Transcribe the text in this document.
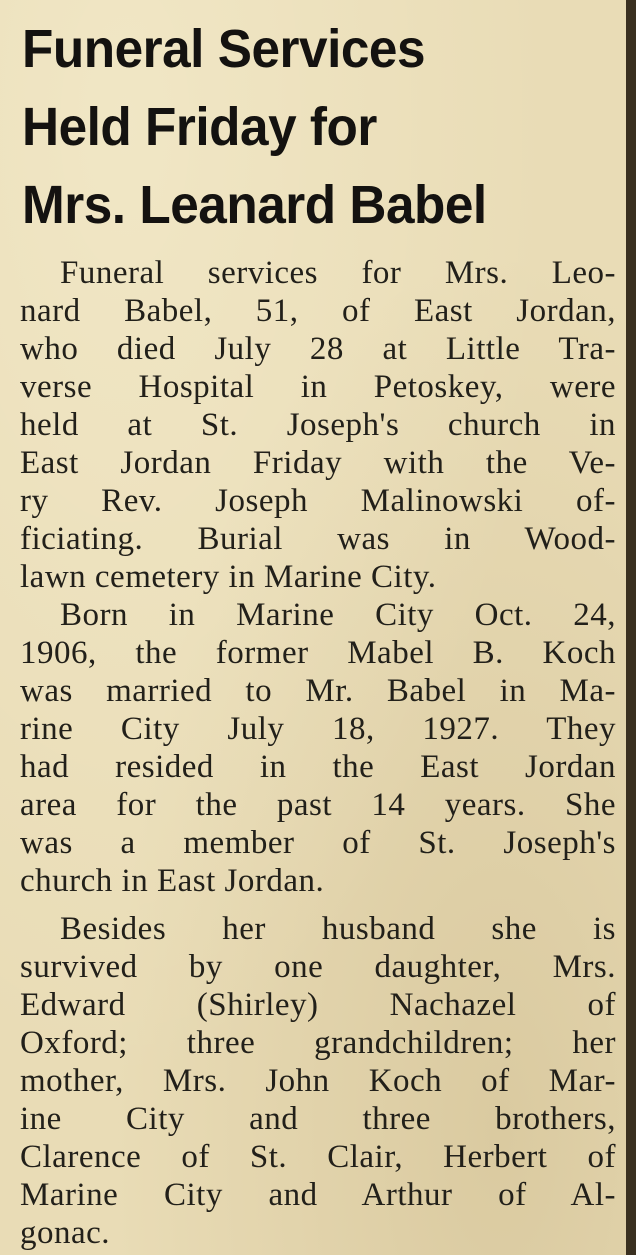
Funeral Services
Held Friday for
Mrs. Leanard Babel

Funeral services for Mrs. Leo-
nard Babel, 51, of East Jordan,
who died July 28 at Little Tra-
verse Hospital in Petoskey, were
held at St. Joseph's church in
East Jordan Friday with the Ve-
ry Rev. Joseph Malinowski of-
ficiating. Burial was in Wood-
lawn cemetery in Marine City.

Born in Marine City Oct. 24,
1906, the former Mabel B. Koch
was married to Mr. Babel in Ma-
rine City July 18, 1927. They
had resided in the East Jordan
area for the past 14 years. She
was a member of St. Joseph's
church in East Jordan.

Besides her husband she is
survived by one daughter, Mrs.
Edward (Shirley) Nachazel of
Oxford; three grandchildren; her
mother, Mrs. John Koch of Mar-
ine City and three brothers,
Clarence of St. Clair, Herbert of
Marine City and Arthur of Al-
gonac.
